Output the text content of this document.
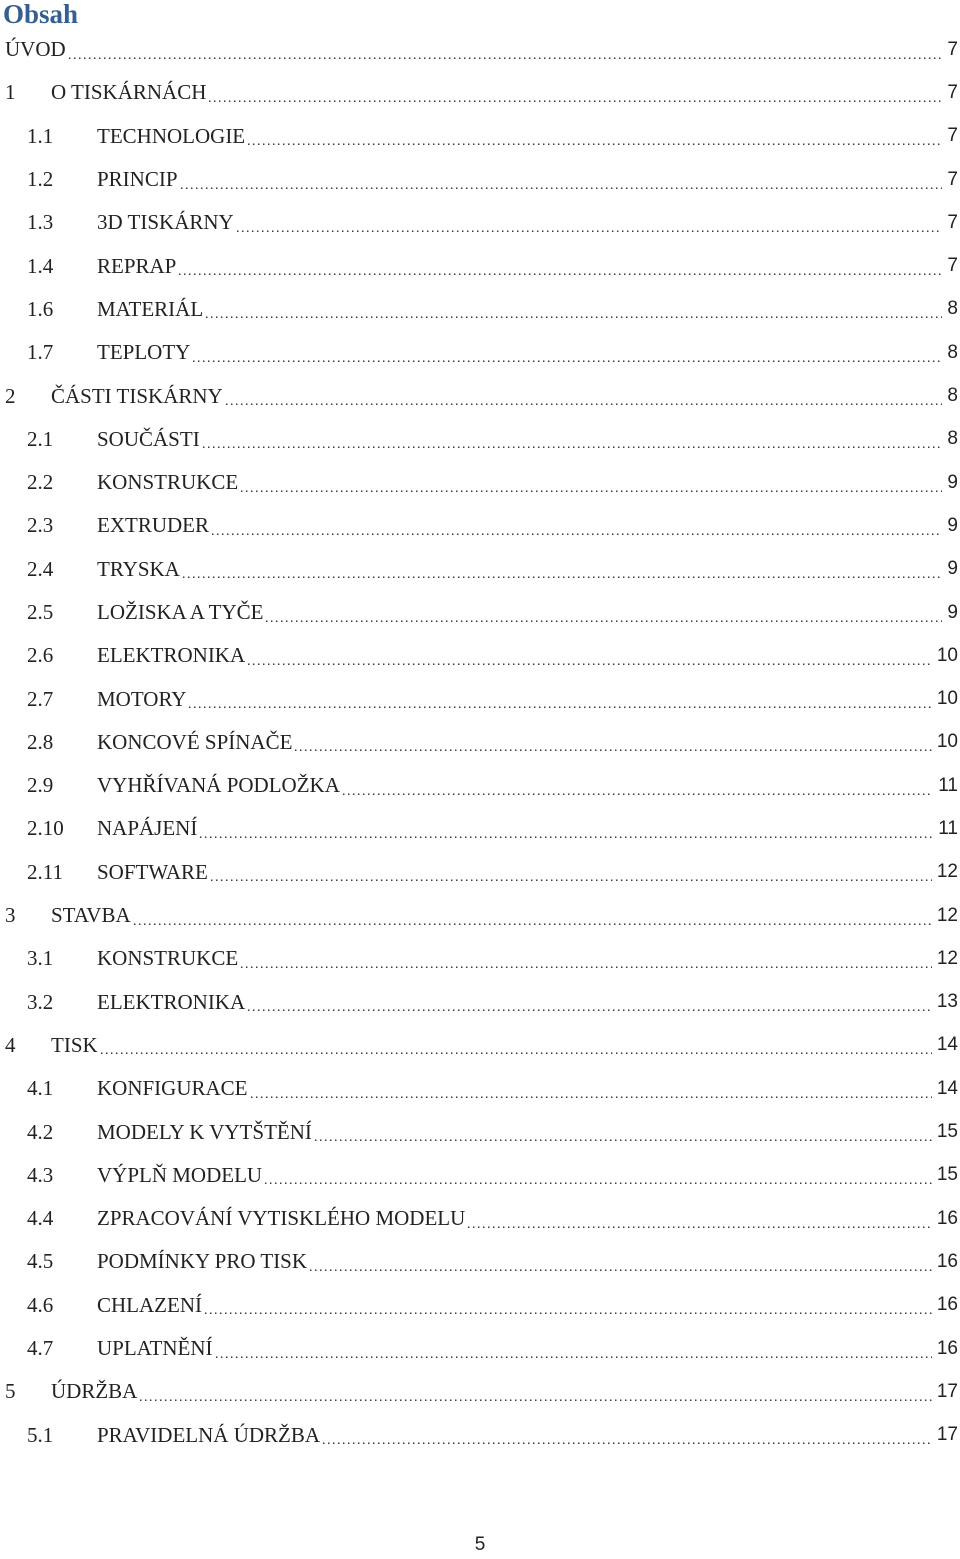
Obsah
.....
ÚVOD	7
.....
1 O TISKÁRNÁCH	7
.....
1.1 TECHNOLOGIE	7
.....
1.2 PRINCIP	7
.....
1.3 3D TISKÁRNY	7
.....
1.4 REPRAP	7
.....
1.6 MATERIÁL	8
.....
1.7 TEPLOTY	8
.....
2 ČÁSTI TISKÁRNY	8
.....
2.1 SOUČÁSTI	8
.....
2.2 KONSTRUKCE	9
.....
2.3 EXTRUDER	9
.....
2.4 TRYSKA	9
.....
2.5 LOŽISKA A TYČE	9
.....
2.6 ELEKTRONIKA	10
.....
2.7 MOTORY	10
.....
2.8 KONCOVÉ SPÍNAČE	10
.....
2.9 VYHŘÍVANÁ PODLOŽKA	11
.....
2.10 NAPÁJENÍ	11
.....
2.11 SOFTWARE	12
.....
3 STAVBA	12
.....
3.1 KONSTRUKCE	12
.....
3.2 ELEKTRONIKA	13
.....
4 TISK	14
.....
4.1 KONFIGURACE	14
.....
4.2 MODELY K VYTŠTĚNÍ	15
.....
4.3 VÝPLŇ MODELU	15
.....
4.4 ZPRACOVÁNÍ VYTISKLÉHO MODELU	16
.....
4.5 PODMÍNKY PRO TISK	16
.....
4.6 CHLAZENÍ	16
.....
4.7 UPLATNĚNÍ	16
.....
5 ÚDRŽBA	17
.....
5.1 PRAVIDELNÁ ÚDRŽBA	17
5
